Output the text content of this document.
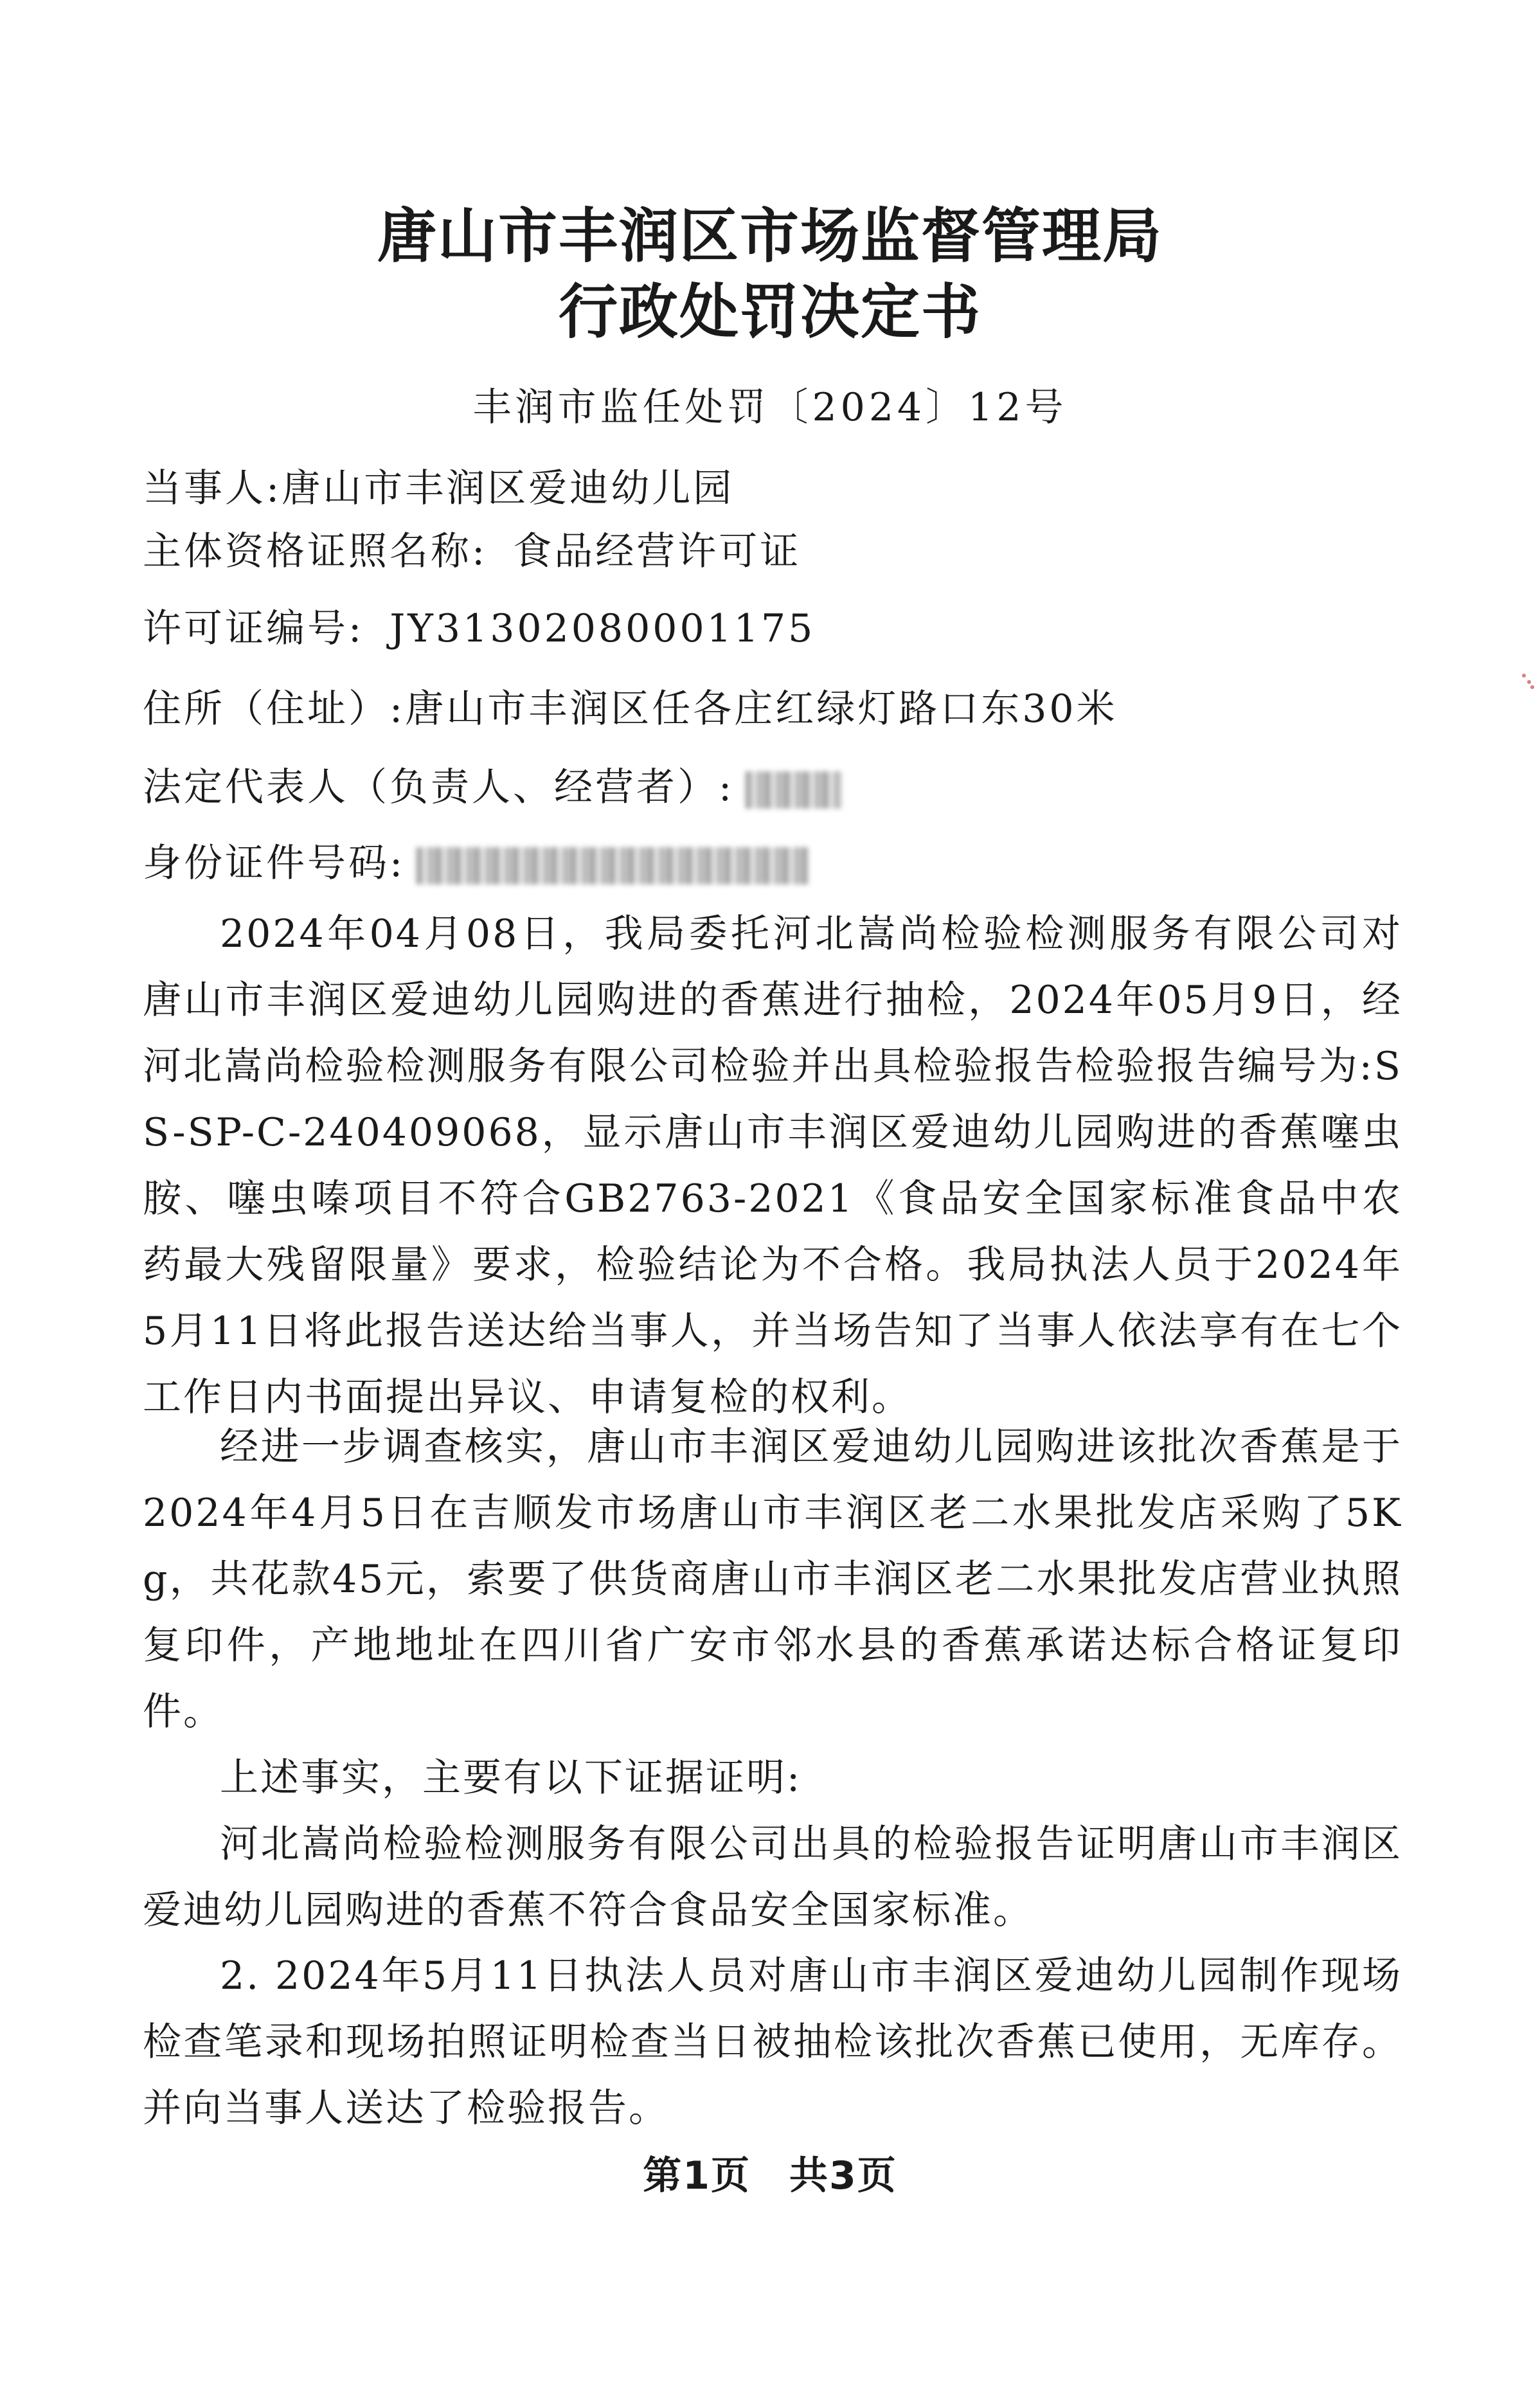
唐山市丰润区市场监督管理局
行政处罚决定书
丰润市监任处罚〔2024〕12号
当事人:唐山市丰润区爱迪幼儿园
主体资格证照名称: 食品经营许可证
许可证编号: JY31302080001175
住所（住址）:唐山市丰润区任各庄红绿灯路口东30米
法定代表人（负责人、经营者）:
身份证件号码:
2024年04月08日，我局委托河北嵩尚检验检测服务有限公司对唐山市丰润区爱迪幼儿园购进的香蕉进行抽检，2024年05月9日，经河北嵩尚检验检测服务有限公司检验并出具检验报告检验报告编号为:SS-SP-C-240409068，显示唐山市丰润区爱迪幼儿园购进的香蕉噻虫胺、噻虫嗪项目不符合GB2763-2021《食品安全国家标准食品中农药最大残留限量》要求，检验结论为不合格。我局执法人员于2024年5月11日将此报告送达给当事人，并当场告知了当事人依法享有在七个工作日内书面提出异议、申请复检的权利。
经进一步调查核实，唐山市丰润区爱迪幼儿园购进该批次香蕉是于2024年4月5日在吉顺发市场唐山市丰润区老二水果批发店采购了5Kg，共花款45元，索要了供货商唐山市丰润区老二水果批发店营业执照复印件，产地地址在四川省广安市邻水县的香蕉承诺达标合格证复印件。
上述事实，主要有以下证据证明:
河北嵩尚检验检测服务有限公司出具的检验报告证明唐山市丰润区爱迪幼儿园购进的香蕉不符合食品安全国家标准。
2. 2024年5月11日执法人员对唐山市丰润区爱迪幼儿园制作现场检查笔录和现场拍照证明检查当日被抽检该批次香蕉已使用，无库存。并向当事人送达了检验报告。
第1页 共3页
